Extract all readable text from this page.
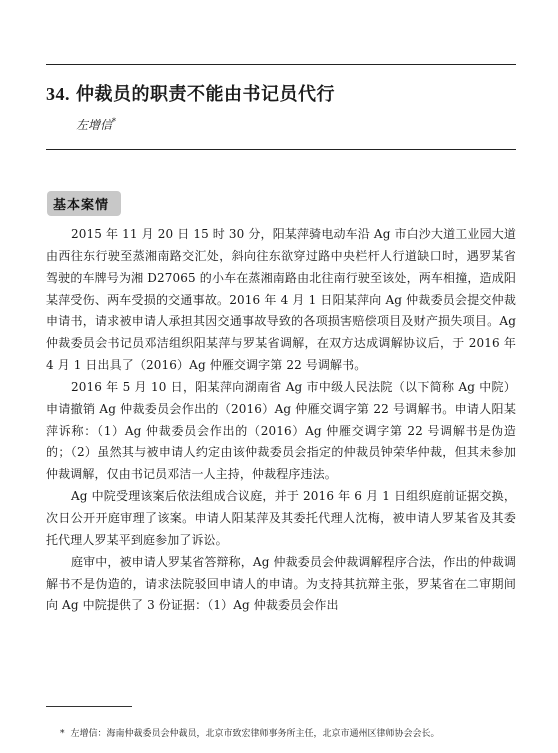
34. 仲裁员的职责不能由书记员代行
左增信*
基本案情

2015 年 11 月 20 日 15 时 30 分，阳某萍骑电动车沿 Ag 市白沙大道工业园大道由西往东行驶至蒸湘南路交汇处，斜向往东欲穿过路中央栏杆人行道缺口时，遇罗某省驾驶的车牌号为湘 D27065 的小车在蒸湘南路由北往南行驶至该处，两车相撞，造成阳某萍受伤、两车受损的交通事故。2016 年 4 月 1 日阳某萍向 Ag 仲裁委员会提交仲裁申请书，请求被申请人承担其因交通事故导致的各项损害赔偿项目及财产损失项目。Ag 仲裁委员会书记员邓洁组织阳某萍与罗某省调解，在双方达成调解协议后，于 2016 年 4 月 1 日出具了（2016）Ag 仲雁交调字第 22 号调解书。

2016 年 5 月 10 日，阳某萍向湖南省 Ag 市中级人民法院（以下简称 Ag 中院）申请撤销 Ag 仲裁委员会作出的（2016）Ag 仲雁交调字第 22 号调解书。申请人阳某萍诉称：（1）Ag 仲裁委员会作出的（2016）Ag 仲雁交调字第 22 号调解书是伪造的；（2）虽然其与被申请人约定由该仲裁委员会指定的仲裁员钟荣华仲裁，但其未参加仲裁调解，仅由书记员邓洁一人主持，仲裁程序违法。

Ag 中院受理该案后依法组成合议庭，并于 2016 年 6 月 1 日组织庭前证据交换，次日公开开庭审理了该案。申请人阳某萍及其委托代理人沈梅，被申请人罗某省及其委托代理人罗某平到庭参加了诉讼。

庭审中，被申请人罗某省答辩称，Ag 仲裁委员会仲裁调解程序合法，作出的仲裁调解书不是伪造的，请求法院驳回申请人的申请。为支持其抗辩主张，罗某省在二审期间向 Ag 中院提供了 3 份证据：（1）Ag 仲裁委员会作出

* 左增信：海南仲裁委员会仲裁员，北京市致宏律师事务所主任，北京市通州区律师协会会长。
